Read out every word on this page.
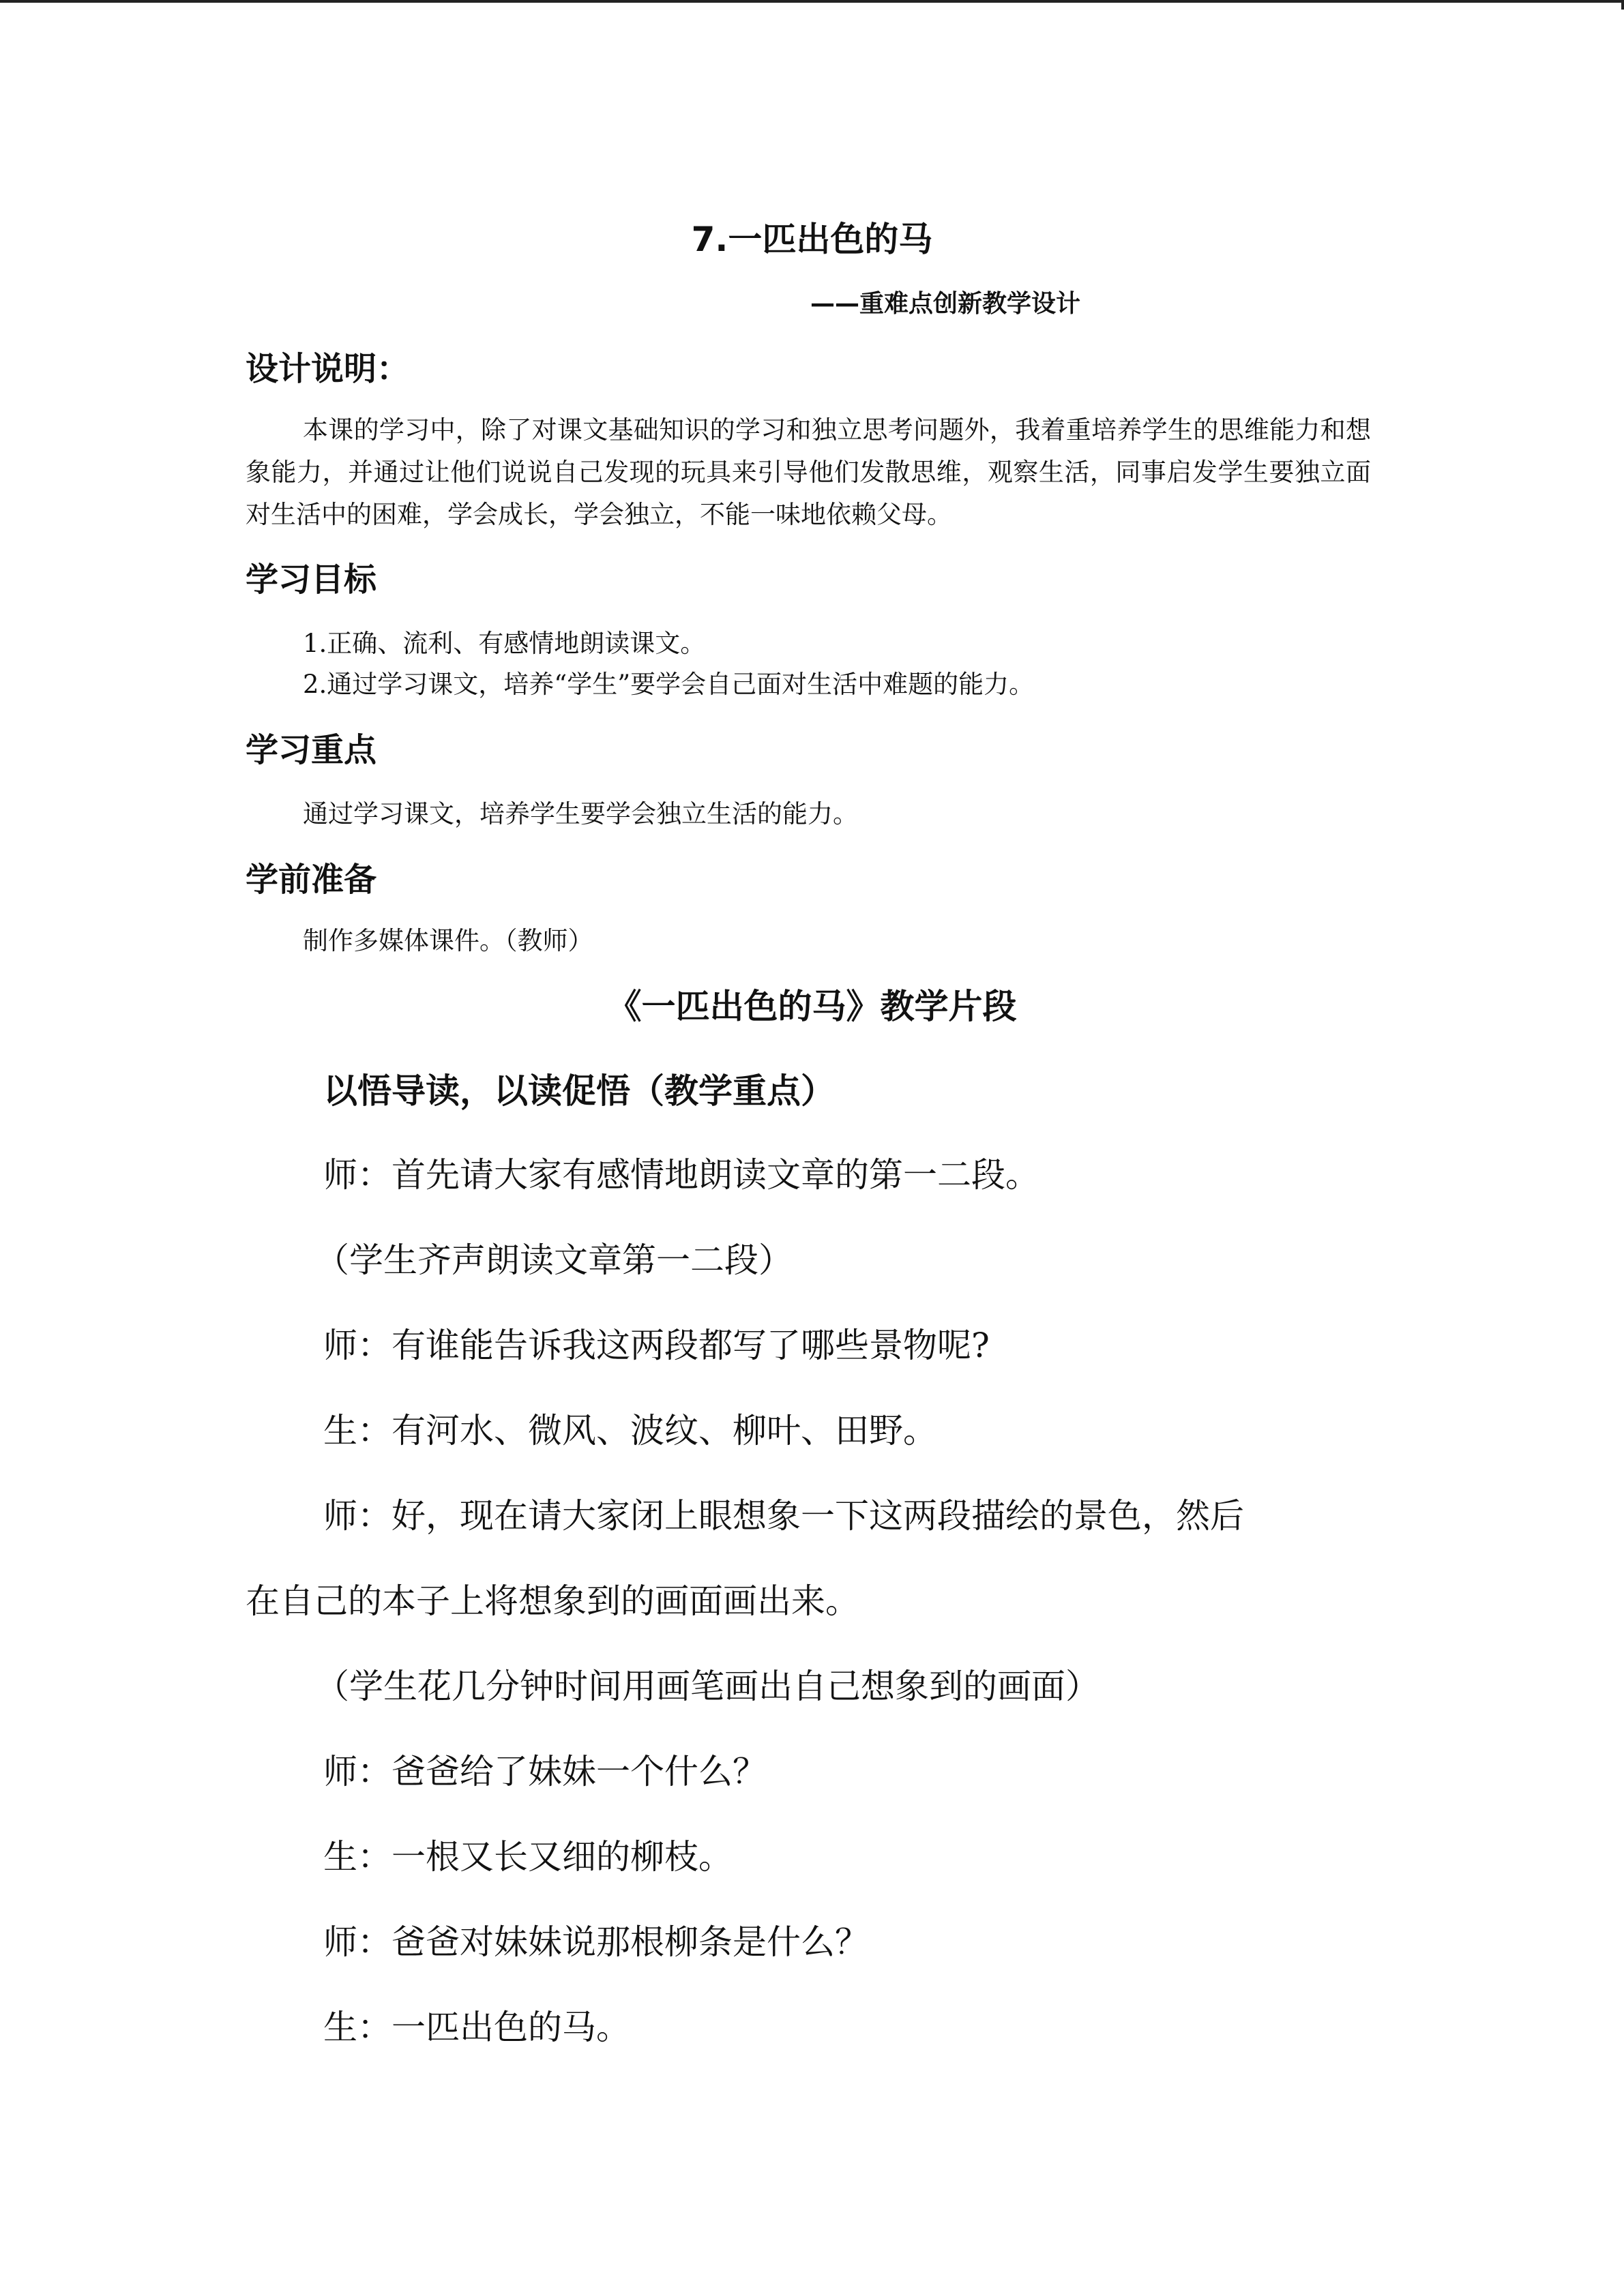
7.一匹出色的马
——重难点创新教学设计
设计说明：
本课的学习中，除了对课文基础知识的学习和独立思考问题外，我着重培养学生的思维能力和想象能力，并通过让他们说说自己发现的玩具来引导他们发散思维，观察生活，同事启发学生要独立面对生活中的困难，学会成长，学会独立，不能一味地依赖父母。
学习目标
1.正确、流利、有感情地朗读课文。
2.通过学习课文，培养“学生”要学会自己面对生活中难题的能力。
学习重点
通过学习课文，培养学生要学会独立生活的能力。
学前准备
制作多媒体课件。（教师）
《一匹出色的马》教学片段
以悟导读，以读促悟（教学重点）
师：首先请大家有感情地朗读文章的第一二段。
（学生齐声朗读文章第一二段）
师：有谁能告诉我这两段都写了哪些景物呢?
生：有河水、微风、波纹、柳叶、田野。
师：好，现在请大家闭上眼想象一下这两段描绘的景色，然后
在自己的本子上将想象到的画面画出来。
（学生花几分钟时间用画笔画出自己想象到的画面）
师：爸爸给了妹妹一个什么？
生：一根又长又细的柳枝。
师：爸爸对妹妹说那根柳条是什么？
生：一匹出色的马。
